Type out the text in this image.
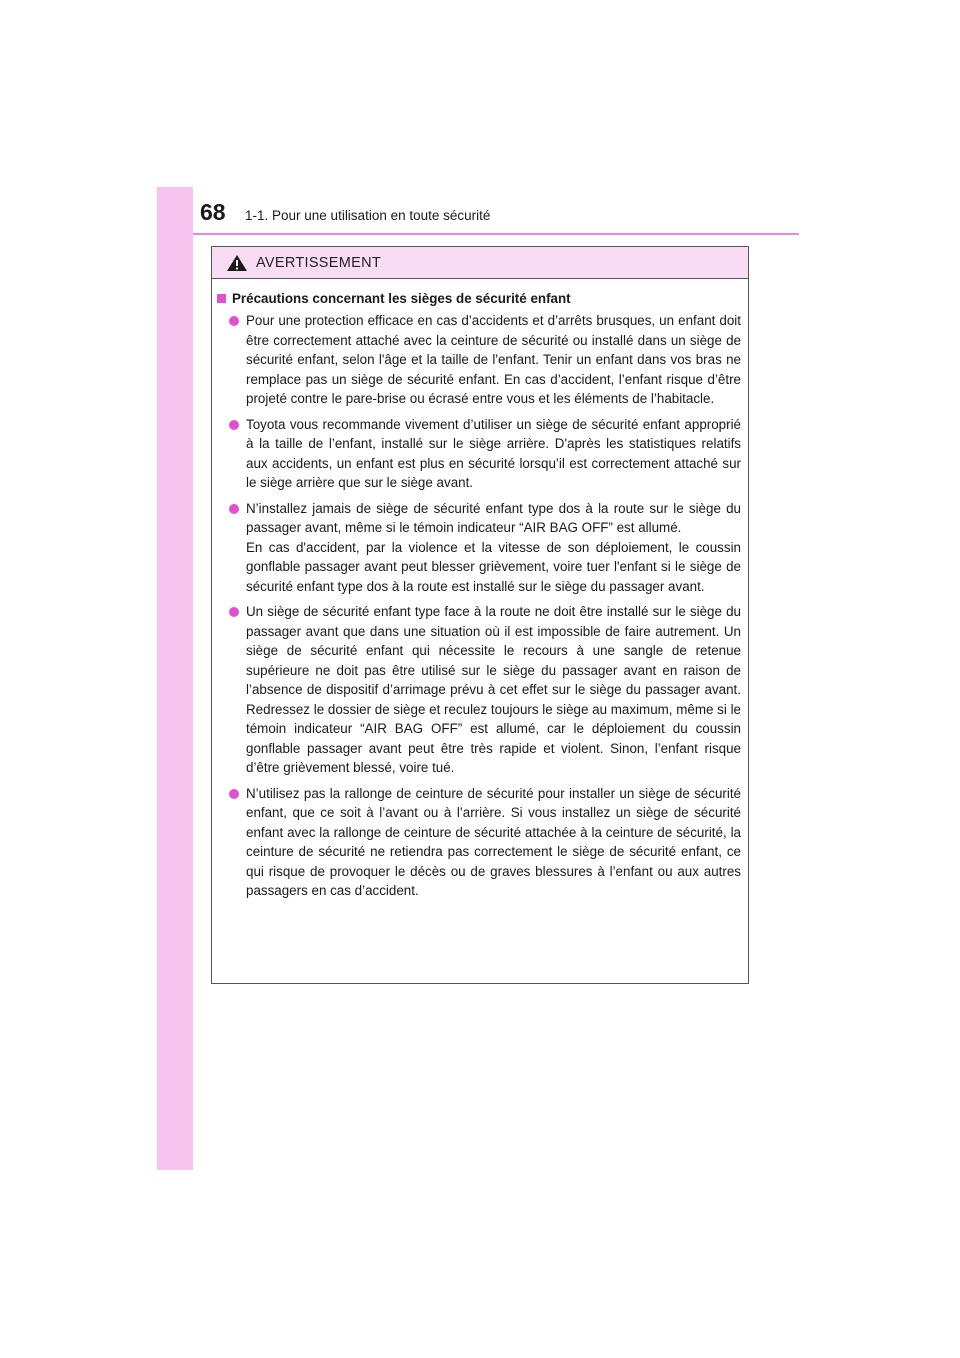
68 1-1. Pour une utilisation en toute sécurité
AVERTISSEMENT
Précautions concernant les sièges de sécurité enfant

Pour une protection efficace en cas d’accidents et d’arrêts brusques, un enfant doit être correctement attaché avec la ceinture de sécurité ou installé dans un siège de sécurité enfant, selon l'âge et la taille de l'enfant. Tenir un enfant dans vos bras ne remplace pas un siège de sécurité enfant. En cas d’accident, l’enfant risque d’être projeté contre le pare-brise ou écrasé entre vous et les éléments de l’habitacle.

Toyota vous recommande vivement d’utiliser un siège de sécurité enfant approprié à la taille de l’enfant, installé sur le siège arrière. D'après les statistiques relatifs aux accidents, un enfant est plus en sécurité lorsqu’il est correctement attaché sur le siège arrière que sur le siège avant.

N’installez jamais de siège de sécurité enfant type dos à la route sur le siège du passager avant, même si le témoin indicateur “AIR BAG OFF” est allumé.

En cas d'accident, par la violence et la vitesse de son déploiement, le coussin gonflable passager avant peut blesser grièvement, voire tuer l'enfant si le siège de sécurité enfant type dos à la route est installé sur le siège du passager avant.

Un siège de sécurité enfant type face à la route ne doit être installé sur le siège du passager avant que dans une situation où il est impossible de faire autrement. Un siège de sécurité enfant qui nécessite le recours à une sangle de retenue supérieure ne doit pas être utilisé sur le siège du passager avant en raison de l’absence de dispositif d’arrimage prévu à cet effet sur le siège du passager avant. Redressez le dossier de siège et reculez toujours le siège au maximum, même si le témoin indicateur “AIR BAG OFF” est allumé, car le déploiement du coussin gonflable passager avant peut être très rapide et violent. Sinon, l’enfant risque d’être grièvement blessé, voire tué.

N’utilisez pas la rallonge de ceinture de sécurité pour installer un siège de sécurité enfant, que ce soit à l’avant ou à l’arrière. Si vous installez un siège de sécurité enfant avec la rallonge de ceinture de sécurité attachée à la ceinture de sécurité, la ceinture de sécurité ne retiendra pas correctement le siège de sécurité enfant, ce qui risque de provoquer le décès ou de graves blessures à l’enfant ou aux autres passagers en cas d’accident.
